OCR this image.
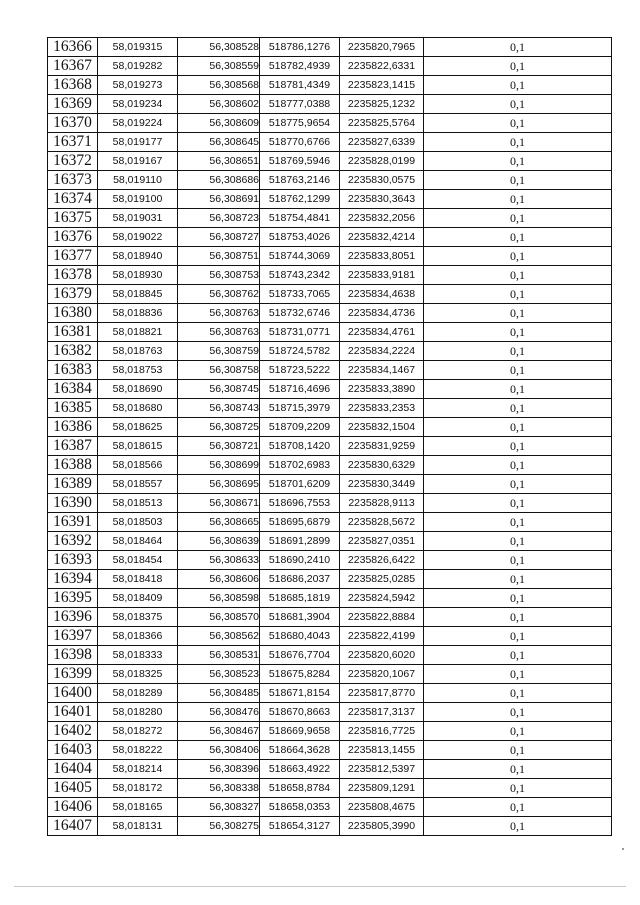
16366	58,019315	56,308528	518786,1276	2235820,7965	0,1
16367	58,019282	56,308559	518782,4939	2235822,6331	0,1
16368	58,019273	56,308568	518781,4349	2235823,1415	0,1
16369	58,019234	56,308602	518777,0388	2235825,1232	0,1
16370	58,019224	56,308609	518775,9654	2235825,5764	0,1
16371	58,019177	56,308645	518770,6766	2235827,6339	0,1
16372	58,019167	56,308651	518769,5946	2235828,0199	0,1
16373	58,019110	56,308686	518763,2146	2235830,0575	0,1
16374	58,019100	56,308691	518762,1299	2235830,3643	0,1
16375	58,019031	56,308723	518754,4841	2235832,2056	0,1
16376	58,019022	56,308727	518753,4026	2235832,4214	0,1
16377	58,018940	56,308751	518744,3069	2235833,8051	0,1
16378	58,018930	56,308753	518743,2342	2235833,9181	0,1
16379	58,018845	56,308762	518733,7065	2235834,4638	0,1
16380	58,018836	56,308763	518732,6746	2235834,4736	0,1
16381	58,018821	56,308763	518731,0771	2235834,4761	0,1
16382	58,018763	56,308759	518724,5782	2235834,2224	0,1
16383	58,018753	56,308758	518723,5222	2235834,1467	0,1
16384	58,018690	56,308745	518716,4696	2235833,3890	0,1
16385	58,018680	56,308743	518715,3979	2235833,2353	0,1
16386	58,018625	56,308725	518709,2209	2235832,1504	0,1
16387	58,018615	56,308721	518708,1420	2235831,9259	0,1
16388	58,018566	56,308699	518702,6983	2235830,6329	0,1
16389	58,018557	56,308695	518701,6209	2235830,3449	0,1
16390	58,018513	56,308671	518696,7553	2235828,9113	0,1
16391	58,018503	56,308665	518695,6879	2235828,5672	0,1
16392	58,018464	56,308639	518691,2899	2235827,0351	0,1
16393	58,018454	56,308633	518690,2410	2235826,6422	0,1
16394	58,018418	56,308606	518686,2037	2235825,0285	0,1
16395	58,018409	56,308598	518685,1819	2235824,5942	0,1
16396	58,018375	56,308570	518681,3904	2235822,8884	0,1
16397	58,018366	56,308562	518680,4043	2235822,4199	0,1
16398	58,018333	56,308531	518676,7704	2235820,6020	0,1
16399	58,018325	56,308523	518675,8284	2235820,1067	0,1
16400	58,018289	56,308485	518671,8154	2235817,8770	0,1
16401	58,018280	56,308476	518670,8663	2235817,3137	0,1
16402	58,018272	56,308467	518669,9658	2235816,7725	0,1
16403	58,018222	56,308406	518664,3628	2235813,1455	0,1
16404	58,018214	56,308396	518663,4922	2235812,5397	0,1
16405	58,018172	56,308338	518658,8784	2235809,1291	0,1
16406	58,018165	56,308327	518658,0353	2235808,4675	0,1
16407	58,018131	56,308275	518654,3127	2235805,3990	0,1
